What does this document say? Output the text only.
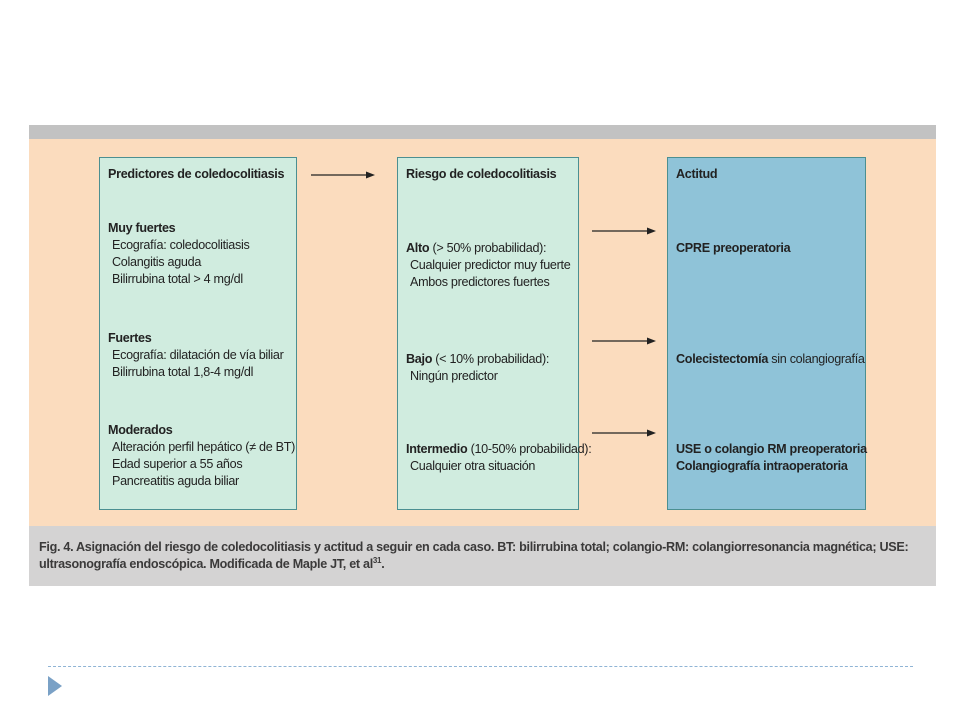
Predictores de coledocolitiasis
Muy fuertes
Ecografía: coledocolitiasis
Colangitis aguda
Bilirrubina total > 4 mg/dl
Fuertes
Ecografía: dilatación de vía biliar
Bilirrubina total 1,8-4 mg/dl
Moderados
Alteración perfil hepático (≠ de BT)
Edad superior a 55 años
Pancreatitis aguda biliar
Riesgo de coledocolitiasis
Alto (> 50% probabilidad):
Cualquier predictor muy fuerte
Ambos predictores fuertes
Bajo (< 10% probabilidad):
Ningún predictor
Intermedio (10-50% probabilidad):
Cualquier otra situación
Actitud
CPRE preoperatoria
Colecistectomía sin colangiografía
USE o colangio RM preoperatoria
Colangiografía intraoperatoria
Fig. 4. Asignación del riesgo de coledocolitiasis y actitud a seguir en cada caso. BT: bilirrubina total; colangio-RM: colangiorresonancia magnética; USE: ultrasonografía endoscópica. Modificada de Maple JT, et $al^{31}$.
